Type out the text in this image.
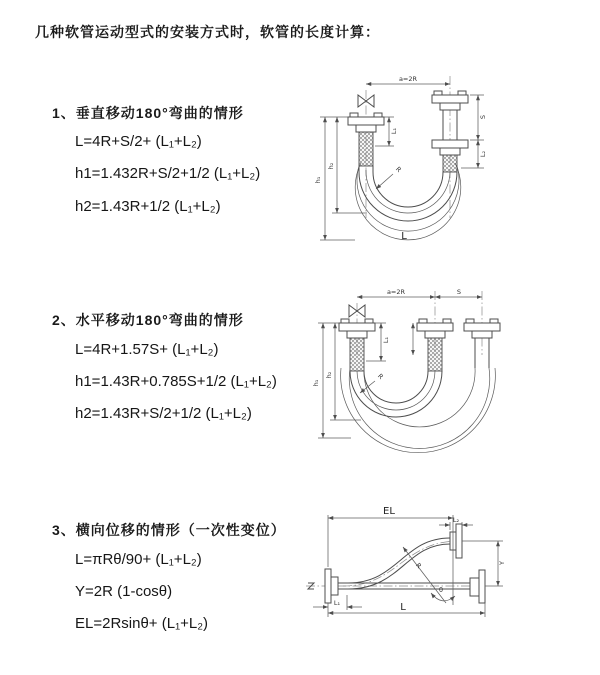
几种软管运动型式的安装方式时，软管的长度计算：
1、垂直移动180°弯曲的情形
L=4R+S/2+ (L₁+L₂)
h1=1.432R+S/2+1/2 (L₁+L₂)
h2=1.43R+1/2 (L₁+L₂)
2、水平移动180°弯曲的情形
L=4R+1.57S+ (L₁+L₂)
h1=1.43R+0.785S+1/2 (L₁+L₂)
h2=1.43R+S/2+1/2 (L₁+L₂)
3、横向位移的情形（一次性变位）
L=πRθ/90+ (L₁+L₂)
Y=2R (1-cosθ)
EL=2Rsinθ+ (L₁+L₂)
a=2R
L₁
S
L₂
h₁
h₂	R
L
a=2R	S
L₁
h₁
h₂	R
EL
L₂
Y
R
θ
L₁	L
